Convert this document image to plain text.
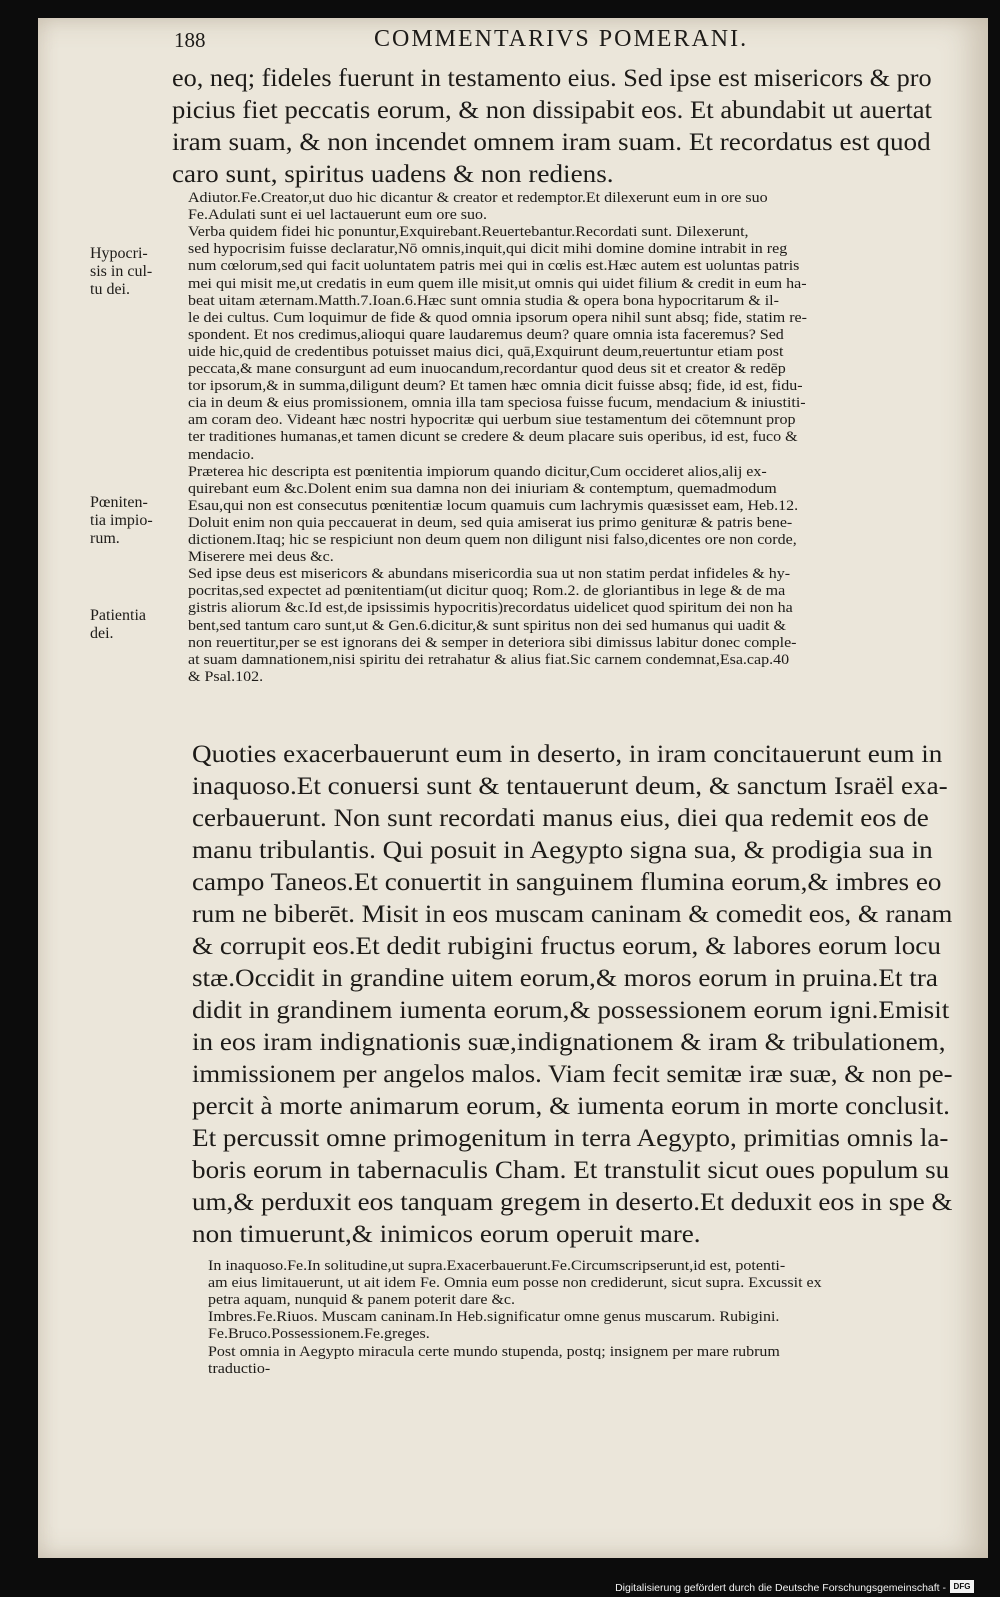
188	COMMENTARIVS POMERANI.
Hypocri-
sis in cul-
tu dei.
Pœniten-
tia impio-
rum.
Patientia
dei.
eo, neq; fideles fuerunt in testamento eius. Sed ipse est misericors & pro
picius fiet peccatis eorum, & non dissipabit eos. Et abundabit ut auertat
iram suam, & non incendet omnem iram suam. Et recordatus est quod
caro sunt, spiritus uadens & non rediens.
Adiutor.Fe.Creator,ut duo hic dicantur & creator et redemptor.Et dilexerunt eum in ore suo
Fe.Adulati sunt ei uel lactauerunt eum ore suo.
Verba quidem fidei hic ponuntur,Exquirebant.Reuertebantur.Recordati sunt. Dilexerunt,
sed hypocrisim fuisse declaratur,Nō omnis,inquit,qui dicit mihi domine domine intrabit in reg
num cœlorum,sed qui facit uoluntatem patris mei qui in cœlis est.Hæc autem est uoluntas patris
mei qui misit me,ut credatis in eum quem ille misit,ut omnis qui uidet filium & credit in eum ha-
beat uitam æternam.Matth.7.Ioan.6.Hæc sunt omnia studia & opera bona hypocritarum & il-
le dei cultus. Cum loquimur de fide & quod omnia ipsorum opera nihil sunt absq; fide, statim re-
spondent. Et nos credimus,alioqui quare laudaremus deum? quare omnia ista faceremus? Sed
uide hic,quid de credentibus potuisset maius dici, quā,Exquirunt deum,reuertuntur etiam post
peccata,& mane consurgunt ad eum inuocandum,recordantur quod deus sit et creator & redēp
tor ipsorum,& in summa,diligunt deum? Et tamen hæc omnia dicit fuisse absq; fide, id est, fidu-
cia in deum & eius promissionem, omnia illa tam speciosa fuisse fucum, mendacium & iniustiti-
am coram deo. Videant hæc nostri hypocritæ qui uerbum siue testamentum dei cōtemnunt prop
ter traditiones humanas,et tamen dicunt se credere & deum placare suis operibus, id est, fuco &
mendacio.
Præterea hic descripta est pœnitentia impiorum quando dicitur,Cum occideret alios,alij ex-
quirebant eum &c.Dolent enim sua damna non dei iniuriam & contemptum, quemadmodum
Esau,qui non est consecutus pœnitentiæ locum quamuis cum lachrymis quæsisset eam, Heb.12.
Doluit enim non quia peccauerat in deum, sed quia amiserat ius primo genituræ & patris bene-
dictionem.Itaq; hic se respiciunt non deum quem non diligunt nisi falso,dicentes ore non corde,
Miserere mei deus &c.
Sed ipse deus est misericors & abundans misericordia sua ut non statim perdat infideles & hy-
pocritas,sed expectet ad pœnitentiam(ut dicitur quoq; Rom.2. de gloriantibus in lege & de ma
gistris aliorum &c.Id est,de ipsissimis hypocritis)recordatus uidelicet quod spiritum dei non ha
bent,sed tantum caro sunt,ut & Gen.6.dicitur,& sunt spiritus non dei sed humanus qui uadit &
non reuertitur,per se est ignorans dei & semper in deteriora sibi dimissus labitur donec comple-
at suam damnationem,nisi spiritu dei retrahatur & alius fiat.Sic carnem condemnat,Esa.cap.40
& Psal.102.
Quoties exacerbauerunt eum in deserto, in iram concitauerunt eum in
inaquoso.Et conuersi sunt & tentauerunt deum, & sanctum Israël exa-
cerbauerunt. Non sunt recordati manus eius, diei qua redemit eos de
manu tribulantis. Qui posuit in Aegypto signa sua, & prodigia sua in
campo Taneos.Et conuertit in sanguinem flumina eorum,& imbres eo
rum ne biberēt. Misit in eos muscam caninam & comedit eos, & ranam
& corrupit eos.Et dedit rubigini fructus eorum, & labores eorum locu
stæ.Occidit in grandine uitem eorum,& moros eorum in pruina.Et tra
didit in grandinem iumenta eorum,& possessionem eorum igni.Emisit
in eos iram indignationis suæ,indignationem & iram & tribulationem,
immissionem per angelos malos. Viam fecit semitæ iræ suæ, & non pe-
percit à morte animarum eorum, & iumenta eorum in morte conclusit.
Et percussit omne primogenitum in terra Aegypto, primitias omnis la-
boris eorum in tabernaculis Cham. Et transtulit sicut oues populum su
um,& perduxit eos tanquam gregem in deserto.Et deduxit eos in spe &
non timuerunt,& inimicos eorum operuit mare.
In inaquoso.Fe.In solitudine,ut supra.Exacerbauerunt.Fe.Circumscripserunt,id est, potenti-
am eius limitauerunt, ut ait idem Fe. Omnia eum posse non crediderunt, sicut supra. Excussit ex
petra aquam, nunquid & panem poterit dare &c.
Imbres.Fe.Riuos. Muscam caninam.In Heb.significatur omne genus muscarum. Rubigini.
Fe.Bruco.Possessionem.Fe.greges.
Post omnia in Aegypto miracula certe mundo stupenda, postq; insignem per mare rubrum
traductio-
Digitalisierung gefördert durch die Deutsche Forschungsgemeinschaft - DFG
